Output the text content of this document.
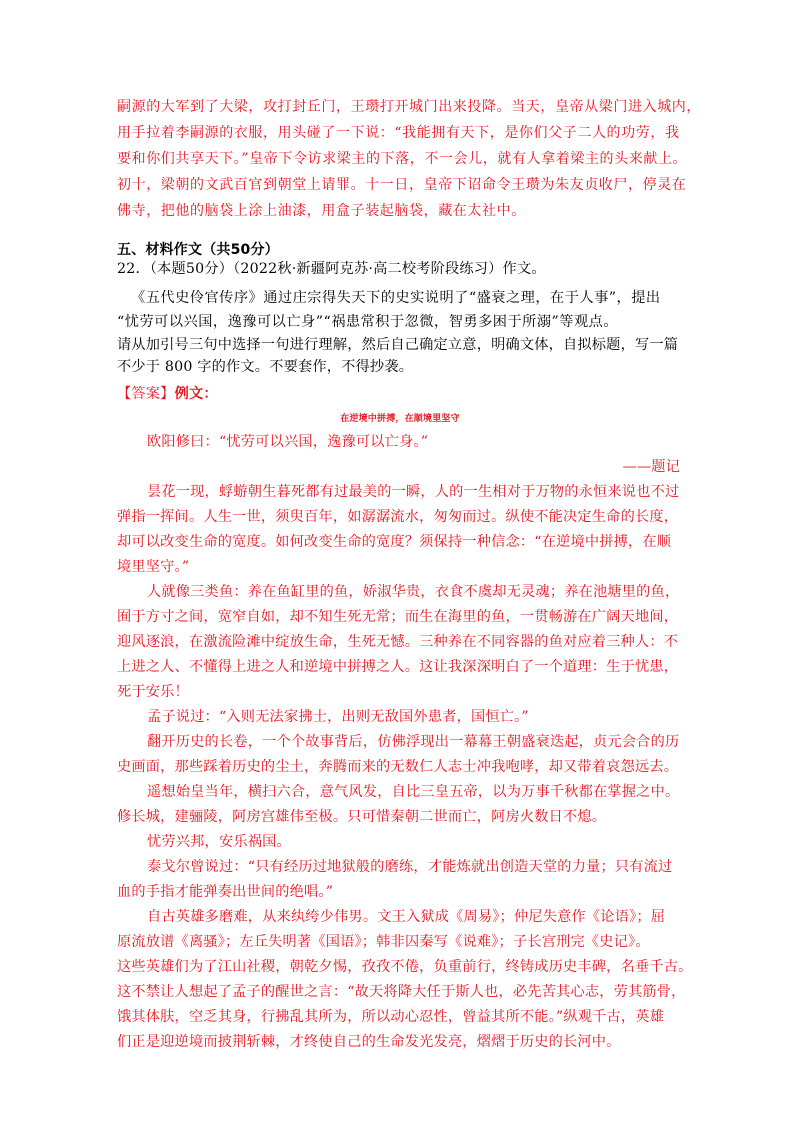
嗣源的大军到了大梁，攻打封丘门，王瓒打开城门出来投降。当天，皇帝从梁门进入城内，
用手拉着李嗣源的衣服，用头碰了一下说：“我能拥有天下，是你们父子二人的功劳，我
要和你们共享天下。”皇帝下令访求梁主的下落，不一会儿，就有人拿着梁主的头来献上。
初十，梁朝的文武百官到朝堂上请罪。十一日，皇帝下诏命令王瓒为朱友贞收尸，停灵在
佛寺，把他的脑袋上涂上油漆，用盒子装起脑袋，藏在太社中。
五、材料作文（共50分）
22．（本题50分）（2022秋·新疆阿克苏·高二校考阶段练习）作文。
《五代史伶官传序》通过庄宗得失天下的史实说明了“盛衰之理，在于人事”，提出
“忧劳可以兴国，逸豫可以亡身”“祸患常积于忽微，智勇多困于所溺”等观点。
请从加引号三句中选择一句进行理解，然后自己确定立意，明确文体，自拟标题，写一篇
不少于 800 字的作文。不要套作，不得抄袭。
【答案】例文：
在逆境中拼搏，在顺境里坚守
欧阳修曰：“忧劳可以兴国，逸豫可以亡身。”
——题记
昙花一现，蜉蝣朝生暮死都有过最美的一瞬，人的一生相对于万物的永恒来说也不过
弹指一挥间。人生一世，须臾百年，如潺潺流水，匆匆而过。纵使不能决定生命的长度，
却可以改变生命的宽度。如何改变生命的宽度？须保持一种信念：“在逆境中拼搏，在顺
境里坚守。”
人就像三类鱼：养在鱼缸里的鱼，娇淑华贵，衣食不虞却无灵魂；养在池塘里的鱼，
囿于方寸之间，宽窄自如，却不知生死无常；而生在海里的鱼，一贯畅游在广阔天地间，
迎风逐浪，在激流险滩中绽放生命，生死无憾。三种养在不同容器的鱼对应着三种人：不
上进之人、不懂得上进之人和逆境中拼搏之人。这让我深深明白了一个道理：生于忧患，
死于安乐！
孟子说过：“入则无法家拂士，出则无敌国外患者，国恒亡。”
翻开历史的长卷，一个个故事背后，仿佛浮现出一幕幕王朝盛衰迭起，贞元会合的历
史画面，那些踩着历史的尘土，奔腾而来的无数仁人志士冲我咆哮，却又带着哀怨远去。
遥想始皇当年，横扫六合，意气风发，自比三皇五帝，以为万事千秋都在掌握之中。
修长城，建骊陵，阿房宫雄伟至极。只可惜秦朝二世而亡，阿房火数日不熄。
忧劳兴邦，安乐祸国。
泰戈尔曾说过：“只有经历过地狱般的磨练，才能炼就出创造天堂的力量；只有流过
血的手指才能弹奏出世间的绝唱。”
自古英雄多磨难，从来纨绔少伟男。文王入狱成《周易》；仲尼失意作《论语》；屈
原流放谱《离骚》；左丘失明著《国语》；韩非囚秦写《说难》；子长宫刑完《史记》。
这些英雄们为了江山社稷，朝乾夕惕，孜孜不倦，负重前行，终铸成历史丰碑，名垂千古。
这不禁让人想起了孟子的醒世之言：“故天将降大任于斯人也，必先苦其心志，劳其筋骨，
饿其体肤，空乏其身，行拂乱其所为，所以动心忍性，曾益其所不能。”纵观千古，英雄
们正是迎逆境而披荆斩棘，才终使自己的生命发光发亮，熠熠于历史的长河中。
